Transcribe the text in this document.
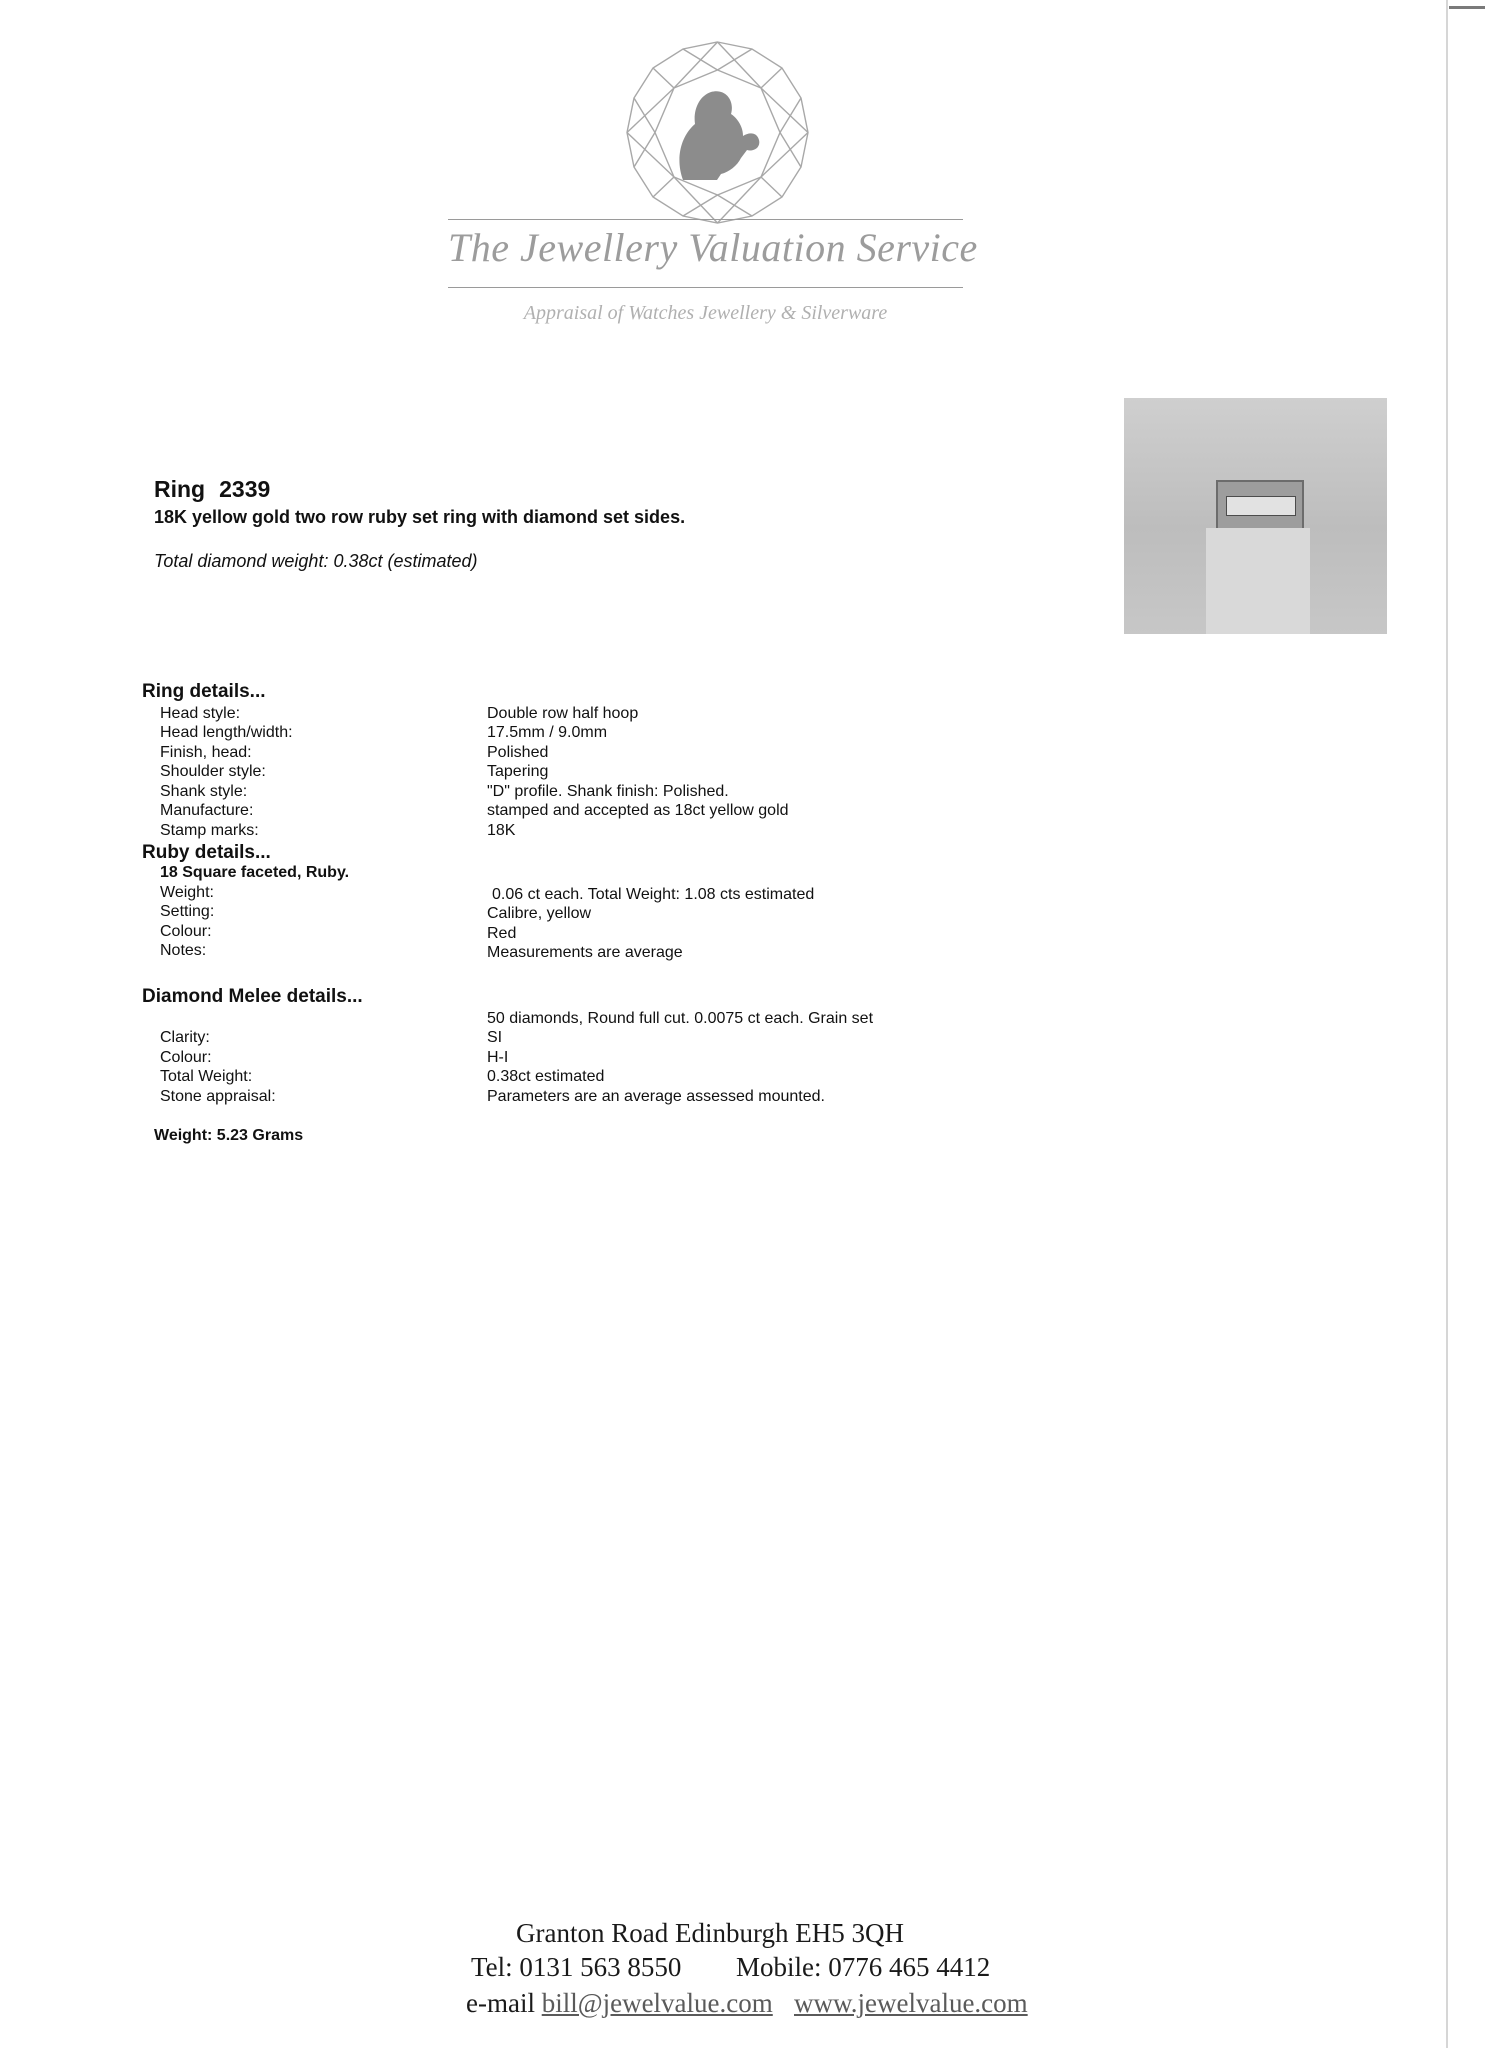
The Jewellery Valuation Service
Appraisal of Watches Jewellery & Silverware
Ring 2339
18K yellow gold two row ruby set ring with diamond set sides.
Total diamond weight: 0.38ct (estimated)
Ring details...
Head style:	Double row half hoop
Head length/width:	17.5mm / 9.0mm
Finish, head:	Polished
Shoulder style:	Tapering
Shank style:	"D" profile. Shank finish: Polished.
Manufacture:	stamped and accepted as 18ct yellow gold
Stamp marks:	18K
Ruby details...
18 Square faceted, Ruby.
Weight:	0.06 ct each. Total Weight: 1.08 cts estimated
Setting:	Calibre, yellow
Colour:	Red
Notes:	Measurements are average
Diamond Melee details...
50 diamonds, Round full cut. 0.0075 ct each. Grain set
Clarity:	SI
Colour:	H-I
Total Weight:	0.38ct estimated
Stone appraisal:	Parameters are an average assessed mounted.
Weight: 5.23 Grams
Granton Road Edinburgh EH5 3QH
Tel: 0131 563 8550 Mobile: 0776 465 4412
e-mail bill@jewelvalue.com www.jewelvalue.com
